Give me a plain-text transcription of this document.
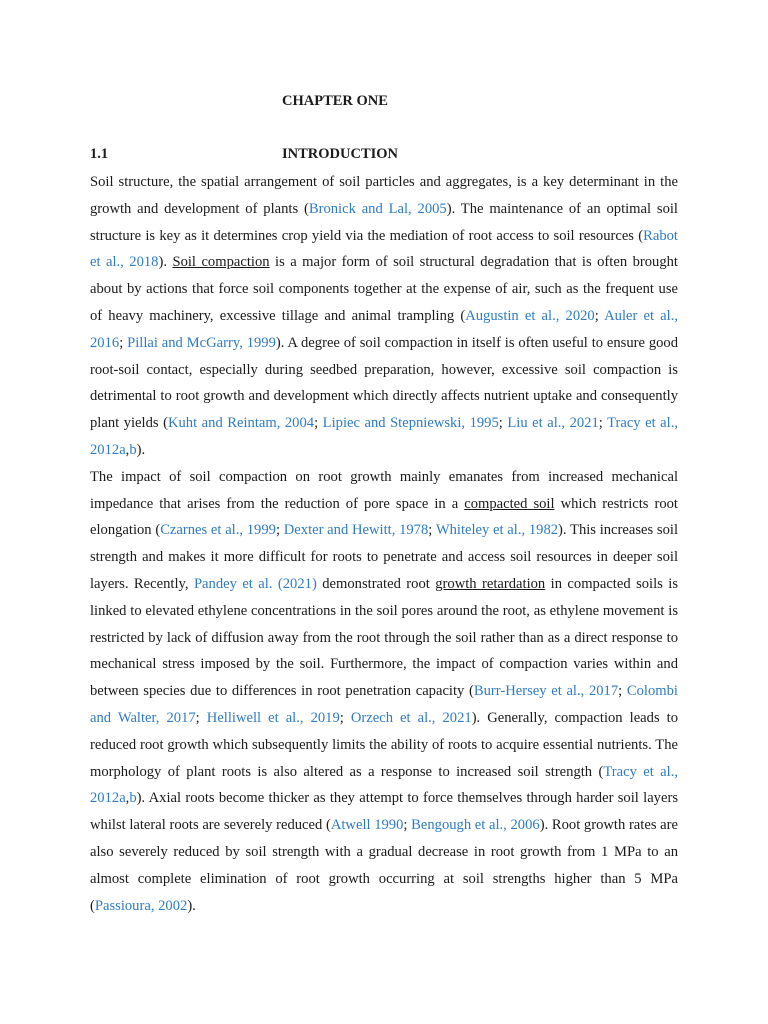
CHAPTER ONE
1.1	INTRODUCTION

Soil structure, the spatial arrangement of soil particles and aggregates, is a key determinant in the growth and development of plants (Bronick and Lal, 2005). The maintenance of an optimal soil structure is key as it determines crop yield via the mediation of root access to soil resources (Rabot et al., 2018). Soil compaction is a major form of soil structural degradation that is often brought about by actions that force soil components together at the expense of air, such as the frequent use of heavy machinery, excessive tillage and animal trampling (Augustin et al., 2020; Auler et al., 2016; Pillai and McGarry, 1999). A degree of soil compaction in itself is often useful to ensure good root-soil contact, especially during seedbed preparation, however, excessive soil compaction is detrimental to root growth and development which directly affects nutrient uptake and consequently plant yields (Kuht and Reintam, 2004; Lipiec and Stepniewski, 1995; Liu et al., 2021; Tracy et al., 2012a,b).

The impact of soil compaction on root growth mainly emanates from increased mechanical impedance that arises from the reduction of pore space in a compacted soil which restricts root elongation (Czarnes et al., 1999; Dexter and Hewitt, 1978; Whiteley et al., 1982). This increases soil strength and makes it more difficult for roots to penetrate and access soil resources in deeper soil layers. Recently, Pandey et al. (2021) demonstrated root growth retardation in compacted soils is linked to elevated ethylene concentrations in the soil pores around the root, as ethylene movement is restricted by lack of diffusion away from the root through the soil rather than as a direct response to mechanical stress imposed by the soil. Furthermore, the impact of compaction varies within and between species due to differences in root penetration capacity (Burr-Hersey et al., 2017; Colombi and Walter, 2017; Helliwell et al., 2019; Orzech et al., 2021). Generally, compaction leads to reduced root growth which subsequently limits the ability of roots to acquire essential nutrients. The morphology of plant roots is also altered as a response to increased soil strength (Tracy et al., 2012a,b). Axial roots become thicker as they attempt to force themselves through harder soil layers whilst lateral roots are severely reduced (Atwell 1990; Bengough et al., 2006). Root growth rates are also severely reduced by soil strength with a gradual decrease in root growth from 1 MPa to an almost complete elimination of root growth occurring at soil strengths higher than 5 MPa (Passioura, 2002).
